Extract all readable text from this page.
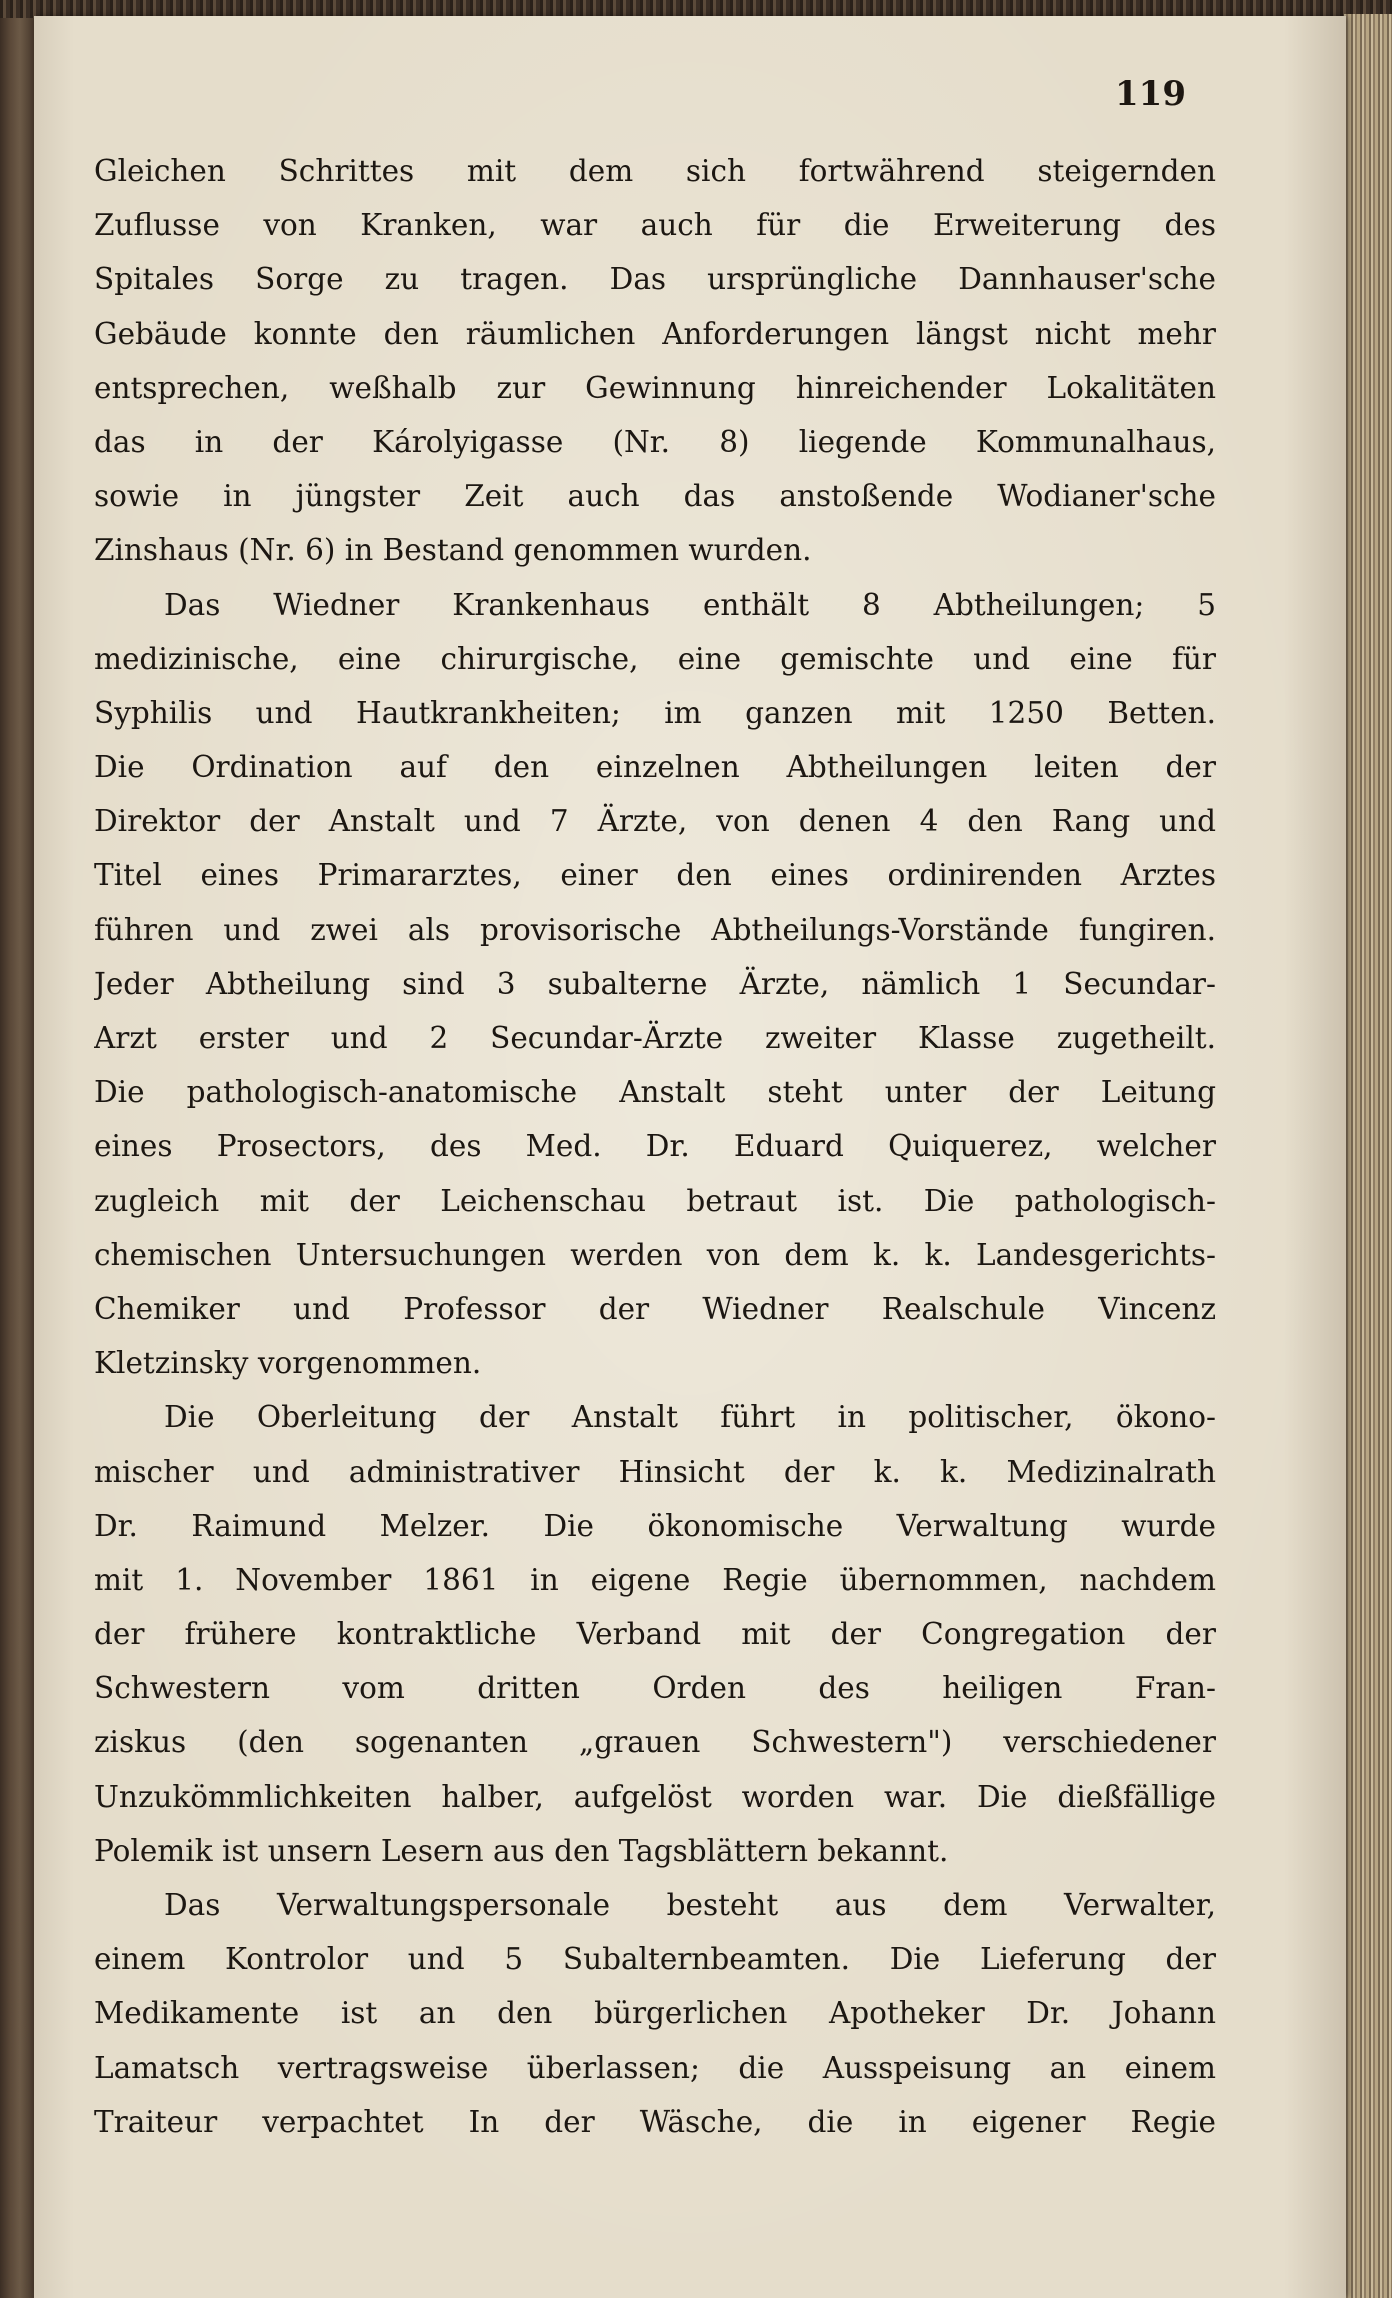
119
Gleichen Schrittes mit dem sich fortwährend steigernden
Zuflusse von Kranken, war auch für die Erweiterung des
Spitales Sorge zu tragen. Das ursprüngliche Dannhauser'sche
Gebäude konnte den räumlichen Anforderungen längst nicht mehr
entsprechen, weßhalb zur Gewinnung hinreichender Lokalitäten
das in der Károlyigasse (Nr. 8) liegende Kommunalhaus,
sowie in jüngster Zeit auch das anstoßende Wodianer'sche
Zinshaus (Nr. 6) in Bestand genommen wurden.
Das Wiedner Krankenhaus enthält 8 Abtheilungen; 5
medizinische, eine chirurgische, eine gemischte und eine für
Syphilis und Hautkrankheiten; im ganzen mit 1250 Betten.
Die Ordination auf den einzelnen Abtheilungen leiten der
Direktor der Anstalt und 7 Ärzte, von denen 4 den Rang und
Titel eines Primararztes, einer den eines ordinirenden Arztes
führen und zwei als provisorische Abtheilungs-Vorstände fungiren.
Jeder Abtheilung sind 3 subalterne Ärzte, nämlich 1 Secundar-
Arzt erster und 2 Secundar-Ärzte zweiter Klasse zugetheilt.
Die pathologisch-anatomische Anstalt steht unter der Leitung
eines Prosectors, des Med. Dr. Eduard Quiquerez, welcher
zugleich mit der Leichenschau betraut ist. Die pathologisch-
chemischen Untersuchungen werden von dem k. k. Landesgerichts-
Chemiker und Professor der Wiedner Realschule Vincenz
Kletzinsky vorgenommen.
Die Oberleitung der Anstalt führt in politischer, ökono-
mischer und administrativer Hinsicht der k. k. Medizinalrath
Dr. Raimund Melzer. Die ökonomische Verwaltung wurde
mit 1. November 1861 in eigene Regie übernommen, nachdem
der frühere kontraktliche Verband mit der Congregation der
Schwestern vom dritten Orden des heiligen Fran-
ziskus (den sogenanten „grauen Schwestern") verschiedener
Unzukömmlichkeiten halber, aufgelöst worden war. Die dießfällige
Polemik ist unsern Lesern aus den Tagsblättern bekannt.
Das Verwaltungspersonale besteht aus dem Verwalter,
einem Kontrolor und 5 Subalternbeamten. Die Lieferung der
Medikamente ist an den bürgerlichen Apotheker Dr. Johann
Lamatsch vertragsweise überlassen; die Ausspeisung an einem
Traiteur verpachtet In der Wäsche, die in eigener Regie
